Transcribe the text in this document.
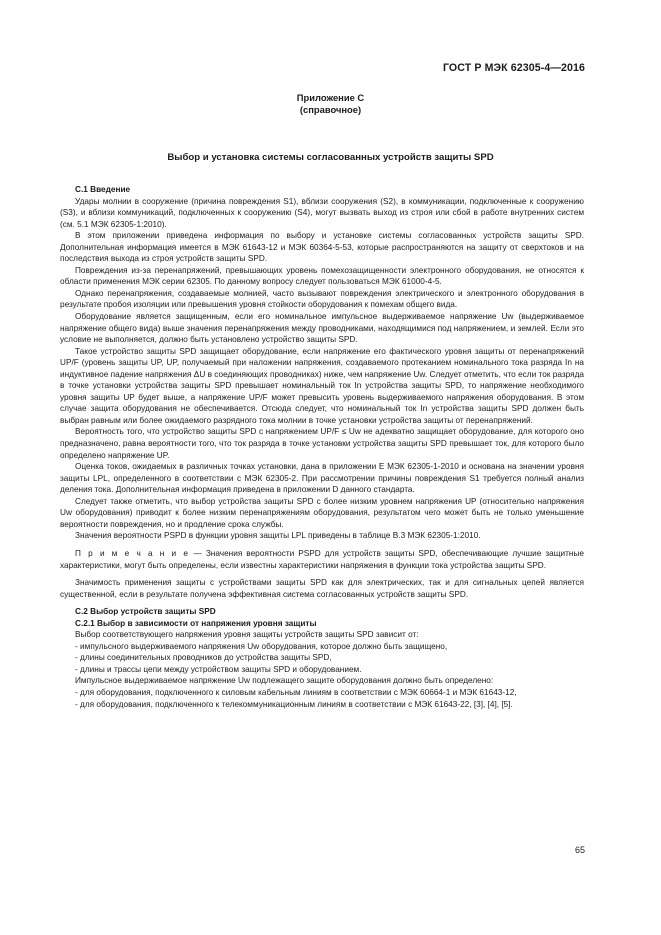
ГОСТ Р МЭК 62305-4—2016
Приложение С
(справочное)
Выбор и установка системы согласованных устройств защиты SPD

С.1 Введение

Удары молнии в сооружение (причина повреждения S1), вблизи сооружения (S2), в коммуникации, подключенные к сооружению (S3), и вблизи коммуникаций, подключенных к сооружению (S4), могут вызвать выход из строя или сбой в работе внутренних систем (см. 5.1 МЭК 62305-1:2010).

В этом приложении приведена информация по выбору и установке системы согласованных устройств защиты SPD. Дополнительная информация имеется в МЭК 61643-12 и МЭК 60364-5-53, которые распространяются на защиту от сверхтоков и на последствия выхода из строя устройств защиты SPD.

Повреждения из-за перенапряжений, превышающих уровень помехозащищенности электронного оборудования, не относятся к области применения МЭК серии 62305. По данному вопросу следует пользоваться МЭК 61000-4-5.

Однако перенапряжения, создаваемые молнией, часто вызывают повреждения электрического и электронного оборудования в результате пробоя изоляции или превышения уровня стойкости оборудования к помехам общего вида.

Оборудование является защищенным, если его номинальное импульсное выдерживаемое напряжение Uw (выдерживаемое напряжение общего вида) выше значения перенапряжения между проводниками, находящимися под напряжением, и землей. Если это условие не выполняется, должно быть установлено устройство защиты SPD.

Такое устройство защиты SPD защищает оборудование, если напряжение его фактического уровня защиты от перенапряжений UP/F (уровень защиты UP, UP, получаемый при наложении напряжения, создаваемого протеканием номинального тока разряда In на индуктивное падение напряжения ΔU в соединяющих проводниках) ниже, чем напряжение Uw. Следует отметить, что если ток разряда в точке установки устройства защиты SPD превышает номинальный ток In устройства защиты SPD, то напряжение необходимого уровня защиты UP будет выше, а напряжение UP/F может превысить уровень выдерживаемого напряжения оборудования. В этом случае защита оборудования не обеспечивается. Отсюда следует, что номинальный ток In устройства защиты SPD должен быть выбран равным или более ожидаемого разрядного тока молнии в точке установки устройства защиты от перенапряжений.

Вероятность того, что устройство защиты SPD с напряжением UP/F ≤ Uw не адекватно защищает оборудование, для которого оно предназначено, равна вероятности того, что ток разряда в точке установки устройства защиты SPD превышает ток, для которого было определено напряжение UP.

Оценка токов, ожидаемых в различных точках установки, дана в приложении Е МЭК 62305-1-2010 и основана на значении уровня защиты LPL, определенного в соответствии с МЭК 62305-2. При рассмотрении причины повреждения S1 требуется полный анализ деления тока. Дополнительная информация приведена в приложении D данного стандарта.

Следует также отметить, что выбор устройства защиты SPD с более низким уровнем напряжения UP (относительно напряжения Uw оборудования) приводит к более низким перенапряжениям оборудования, результатом чего может быть не только уменьшение вероятности повреждения, но и продление срока службы.

Значения вероятности PSPD в функции уровня защиты LPL приведены в таблице В.3 МЭК 62305-1:2010.

П р и м е ч а н и е — Значения вероятности PSPD для устройств защиты SPD, обеспечивающие лучшие защитные характеристики, могут быть определены, если известны характеристики напряжения в функции тока устройства защиты SPD.

Значимость применения защиты с устройствами защиты SPD как для электрических, так и для сигнальных цепей является существенной, если в результате получена эффективная система согласованных устройств защиты SPD.

С.2 Выбор устройств защиты SPD

С.2.1 Выбор в зависимости от напряжения уровня защиты

Выбор соответствующего напряжения уровня защиты устройств защиты SPD зависит от:

- импульсного выдерживаемого напряжения Uw оборудования, которое должно быть защищено,

- длины соединительных проводников до устройства защиты SPD,

- длины и трассы цепи между устройством защиты SPD и оборудованием.

Импульсное выдерживаемое напряжение Uw подлежащего защите оборудования должно быть определено:

- для оборудования, подключенного к силовым кабельным линиям в соответствии с МЭК 60664-1 и МЭК 61643-12,

- для оборудования, подключенного к телекоммуникационным линиям в соответствии с МЭК 61643-22, [3], [4], [5].

65
